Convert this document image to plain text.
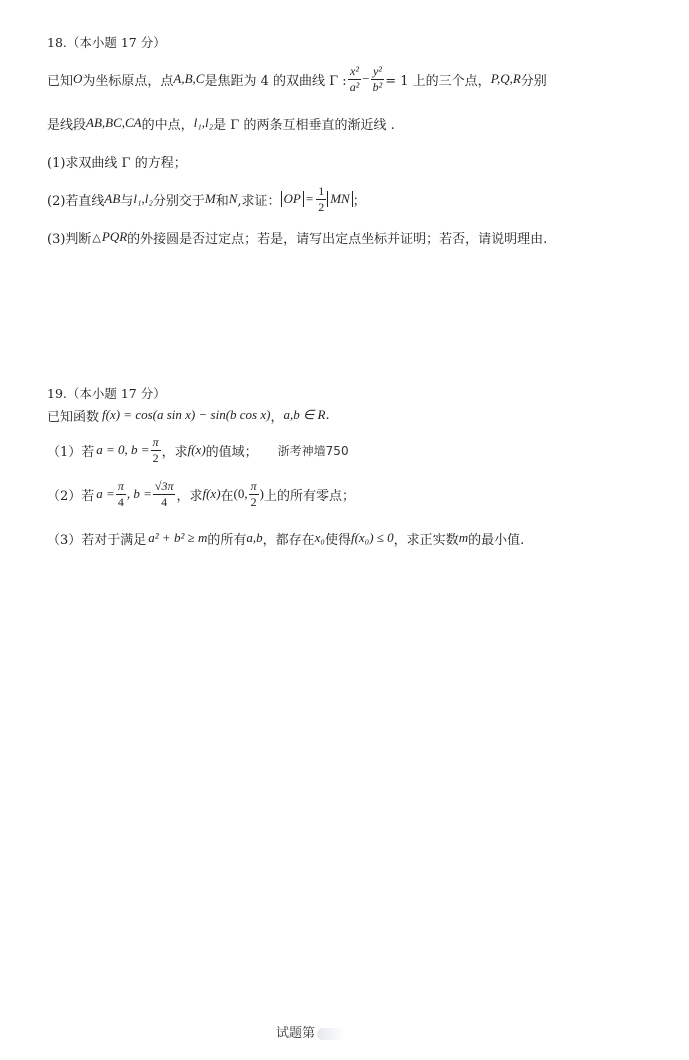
18.（本小题 17 分）
已知 O 为坐标原点，点 A,B,C 是焦距为 4 的双曲线 Γ : $\frac{\text{x²}}{\text{a²}} - \frac{\text{y²}}{\text{b²}} = 1$ 上的三个点， P,Q,R 分别
是线段 AB,BC,CA 的中点， l₁,l₂ 是 Γ 的两条互相垂直的渐近线 .
(1)求双曲线 Γ 的方程；
(2)若直线 AB 与 l₁,l₂ 分别交于 M 和 N ,求证： OP = $\frac{1}{2}$ MN ；
(3)判断 △ PQR 的外接圆是否过定点；若是，请写出定点坐标并证明；若否，请说明理由.
19.（本小题 17 分）
已知函数 f(x) = cos(a sin x) − sin(b cos x) ， a,b ∈ R .
（1）若 a = 0, $b = \frac{\pi}{2}$ ，求 f(x) 的值域； 浙考神墙750
（2）若 $a = \frac{\pi}{4}$ , $b = \frac{√3\pi}{4}$ ，求 f(x) 在 (0, $\frac{\pi}{2}$ ) 上的所有零点；
（3）若对于满足 a² + b² ≥ m 的所有 a,b ，都存在 x₀ 使得 f(x₀) ≤ 0 ，求正实数 m 的最小值.
试题第
